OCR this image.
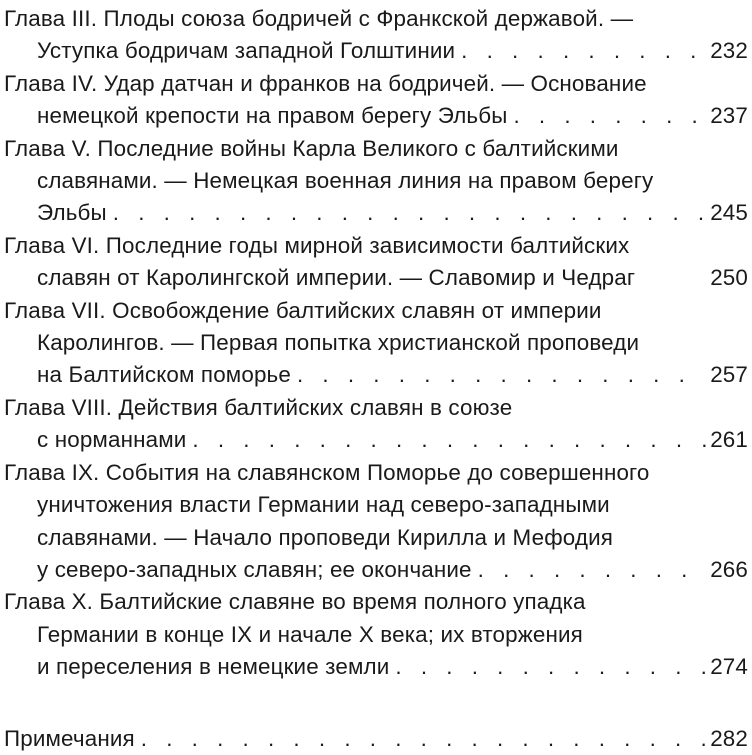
Глава III. Плоды союза бодричей с Франкской державой. —
Уступка бодричам западной Голштинии . . .	232
Глава IV. Удар датчан и франков на бодричей. — Основание
немецкой крепости на правом берегу Эльбы . . .	237
Глава V. Последние войны Карла Великого с балтийскими
славянами. — Немецкая военная линия на правом берегу
Эльбы . . .	245
Глава VI. Последние годы мирной зависимости балтийских
славян от Каролингской империи. — Славомир и Чедраг	250
Глава VII. Освобождение балтийских славян от империи
Каролингов. — Первая попытка христианской проповеди
на Балтийском поморье . . .	257
Глава VIII. Действия балтийских славян в союзе
с норманнами . . .	261
Глава IX. События на славянском Поморье до совершенного
уничтожения власти Германии над северо-западными
славянами. — Начало проповеди Кирилла и Мефодия
у северо-западных славян; ее окончание . . .	266
Глава X. Балтийские славяне во время полного упадка
Германии в конце IX и начале X века; их вторжения
и переселения в немецкие земли . . .	274
Примечания . . .	282
